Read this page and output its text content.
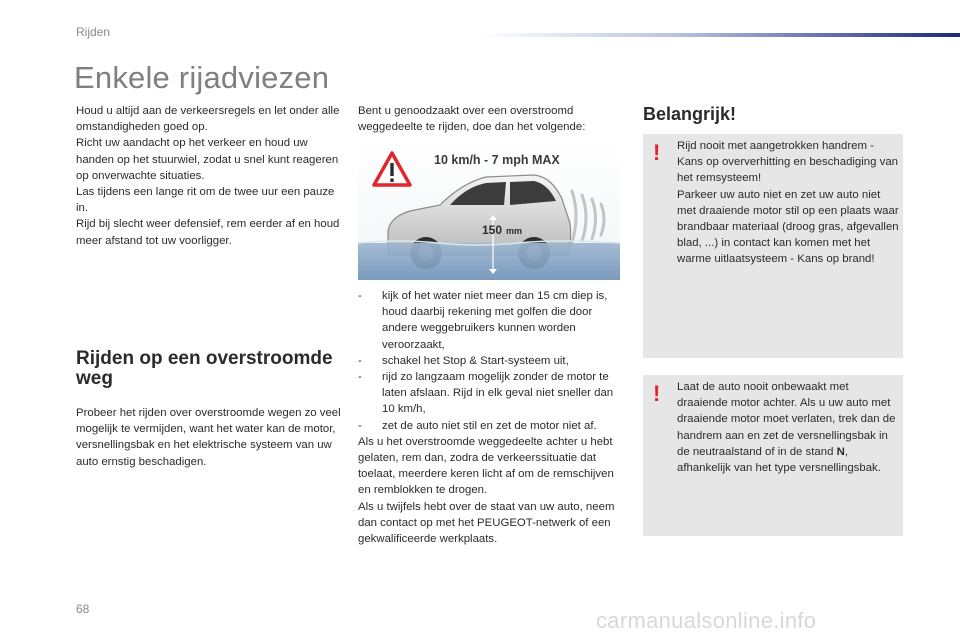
Rijden
Enkele rijadviezen

Houd u altijd aan de verkeersregels en let onder alle omstandigheden goed op.

Richt uw aandacht op het verkeer en houd uw handen op het stuurwiel, zodat u snel kunt reageren op onverwachte situaties.

Las tijdens een lange rit om de twee uur een pauze in.

Rijd bij slecht weer defensief, rem eerder af en houd meer afstand tot uw voorligger.

Rijden op een overstroomde weg

Probeer het rijden over overstroomde wegen zo veel mogelijk te vermijden, want het water kan de motor, versnellingsbak en het elektrische systeem van uw auto ernstig beschadigen.

Bent u genoodzaakt over een overstroomd weggedeelte te rijden, doe dan het volgende:

10 km/h - 7 mph MAX
150 mm
- kijk of het water niet meer dan 15 cm diep is, houd daarbij rekening met golfen die door andere weggebruikers kunnen worden veroorzaakt,
- schakel het Stop & Start-systeem uit,
- rijd zo langzaam mogelijk zonder de motor te laten afslaan. Rijd in elk geval niet sneller dan 10 km/h,
- zet de auto niet stil en zet de motor niet af.

Als u het overstroomde weggedeelte achter u hebt gelaten, rem dan, zodra de verkeerssituatie dat toelaat, meerdere keren licht af om de remschijven en remblokken te drogen.

Als u twijfels hebt over de staat van uw auto, neem dan contact op met het PEUGEOT-netwerk of een gekwalificeerde werkplaats.

Belangrijk!
! Rijd nooit met aangetrokken handrem - Kans op oververhitting en beschadiging van het remsysteem!

Parkeer uw auto niet en zet uw auto niet met draaiende motor stil op een plaats waar brandbaar materiaal (droog gras, afgevallen blad, ...) in contact kan komen met het warme uitlaatsysteem - Kans op brand!

! Laat de auto nooit onbewaakt met draaiende motor achter. Als u uw auto met draaiende motor moet verlaten, trek dan de handrem aan en zet de versnellingsbak in de neutraalstand of in de stand N, afhankelijk van het type versnellingsbak.

68	carmanualsonline.info
